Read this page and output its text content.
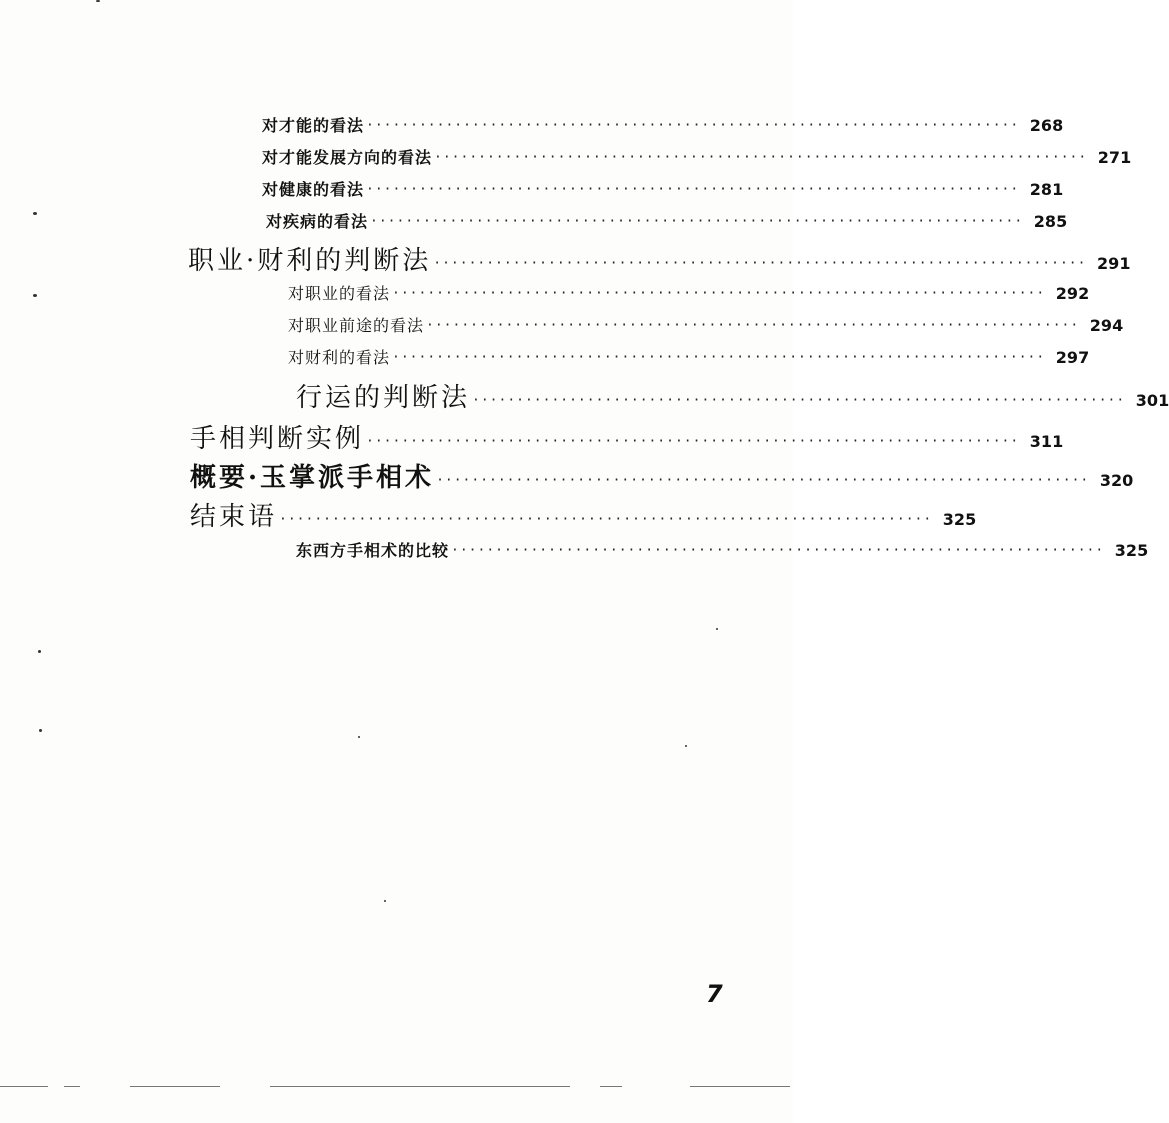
对才能的看法 ·········································································· 268
对才能发展方向的看法 ·········································································· 271
对健康的看法 ·········································································· 281
对疾病的看法 ·········································································· 285
职业·财利的判断法 ·········································································· 291
对职业的看法 ·········································································· 292
对职业前途的看法 ·········································································· 294
对财利的看法 ·········································································· 297
行运的判断法 ·········································································· 301
手相判断实例 ·········································································· 311
概要·玉掌派手相术 ·········································································· 320
结束语 ·········································································· 325
东西方手相术的比较 ·········································································· 325
7
